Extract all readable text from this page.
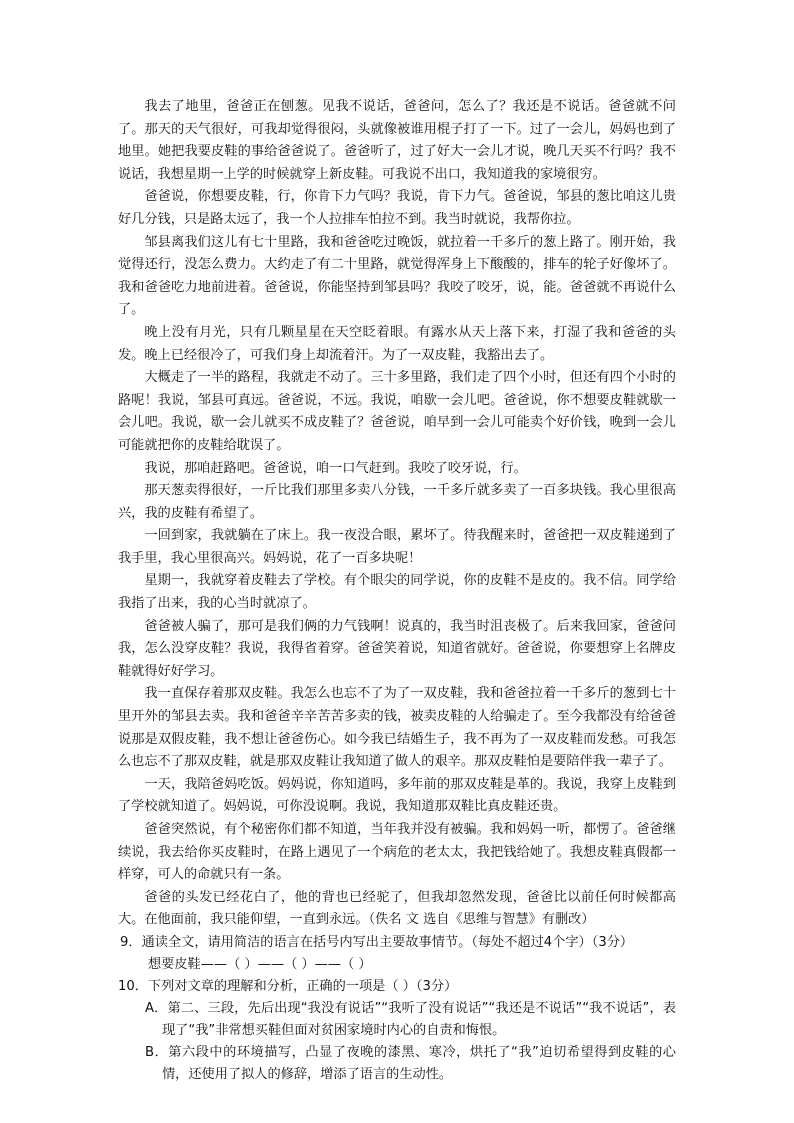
我去了地里，爸爸正在刨葱。见我不说话，爸爸问，怎么了？我还是不说话。爸爸就不问了。那天的天气很好，可我却觉得很闷，头就像被谁用棍子打了一下。过了一会儿，妈妈也到了地里。她把我要皮鞋的事给爸爸说了。爸爸听了，过了好大一会儿才说，晚几天买不行吗？我不说话，我想星期一上学的时候就穿上新皮鞋。可我说不出口，我知道我的家境很穷。

爸爸说，你想要皮鞋，行，你肯下力气吗？我说，肯下力气。爸爸说，邹县的葱比咱这儿贵好几分钱，只是路太远了，我一个人拉排车怕拉不到。我当时就说，我帮你拉。

邹县离我们这儿有七十里路，我和爸爸吃过晚饭，就拉着一千多斤的葱上路了。刚开始，我觉得还行，没怎么费力。大约走了有二十里路，就觉得浑身上下酸酸的，排车的轮子好像坏了。我和爸爸吃力地前进着。爸爸说，你能坚持到邹县吗？我咬了咬牙，说，能。爸爸就不再说什么了。

晚上没有月光，只有几颗星星在天空眨着眼。有露水从天上落下来，打湿了我和爸爸的头发。晚上已经很冷了，可我们身上却流着汗。为了一双皮鞋，我豁出去了。

大概走了一半的路程，我就走不动了。三十多里路，我们走了四个小时，但还有四个小时的路呢！我说，邹县可真远。爸爸说，不远。我说，咱歇一会儿吧。爸爸说，你不想要皮鞋就歇一会儿吧。我说，歇一会儿就买不成皮鞋了？爸爸说，咱早到一会儿可能卖个好价钱，晚到一会儿可能就把你的皮鞋给耽误了。

我说，那咱赶路吧。爸爸说，咱一口气赶到。我咬了咬牙说，行。

那天葱卖得很好，一斤比我们那里多卖八分钱，一千多斤就多卖了一百多块钱。我心里很高兴，我的皮鞋有希望了。

一回到家，我就躺在了床上。我一夜没合眼，累坏了。待我醒来时，爸爸把一双皮鞋递到了我手里，我心里很高兴。妈妈说，花了一百多块呢！

星期一，我就穿着皮鞋去了学校。有个眼尖的同学说，你的皮鞋不是皮的。我不信。同学给我指了出来，我的心当时就凉了。

爸爸被人骗了，那可是我们俩的力气钱啊！说真的，我当时沮丧极了。后来我回家，爸爸问我，怎么没穿皮鞋？我说，我得省着穿。爸爸笑着说，知道省就好。爸爸说，你要想穿上名牌皮鞋就得好好学习。

我一直保存着那双皮鞋。我怎么也忘不了为了一双皮鞋，我和爸爸拉着一千多斤的葱到七十里开外的邹县去卖。我和爸爸辛辛苦苦多卖的钱，被卖皮鞋的人给骗走了。至今我都没有给爸爸说那是双假皮鞋，我不想让爸爸伤心。如今我已结婚生子，我不再为了一双皮鞋而发愁。可我怎么也忘不了那双皮鞋，就是那双皮鞋让我知道了做人的艰辛。那双皮鞋怕是要陪伴我一辈子了。

一天，我陪爸妈吃饭。妈妈说，你知道吗，多年前的那双皮鞋是革的。我说，我穿上皮鞋到了学校就知道了。妈妈说，可你没说啊。我说，我知道那双鞋比真皮鞋还贵。

爸爸突然说，有个秘密你们都不知道，当年我并没有被骗。我和妈妈一听，都愣了。爸爸继续说，我去给你买皮鞋时，在路上遇见了一个病危的老太太，我把钱给她了。我想皮鞋真假都一样穿，可人的命就只有一条。

爸爸的头发已经花白了，他的背也已经驼了，但我却忽然发现，爸爸比以前任何时候都高大。在他面前，我只能仰望，一直到永远。（佚名 文 选自《思维与智慧》有删改）

9．通读全文，请用简洁的语言在括号内写出主要故事情节。（每处不超过4个字）（3分）

想要皮鞋——（ ）——（ ）——（ ）

10．下列对文章的理解和分析，正确的一项是（ ）（3分）

A．第二、三段，先后出现“我没有说话”“我听了没有说话”“我还是不说话”“我不说话”，表现了“我”非常想买鞋但面对贫困家境时内心的自责和悔恨。

B．第六段中的环境描写，凸显了夜晚的漆黑、寒冷，烘托了“我”迫切希望得到皮鞋的心情，还使用了拟人的修辞，增添了语言的生动性。
